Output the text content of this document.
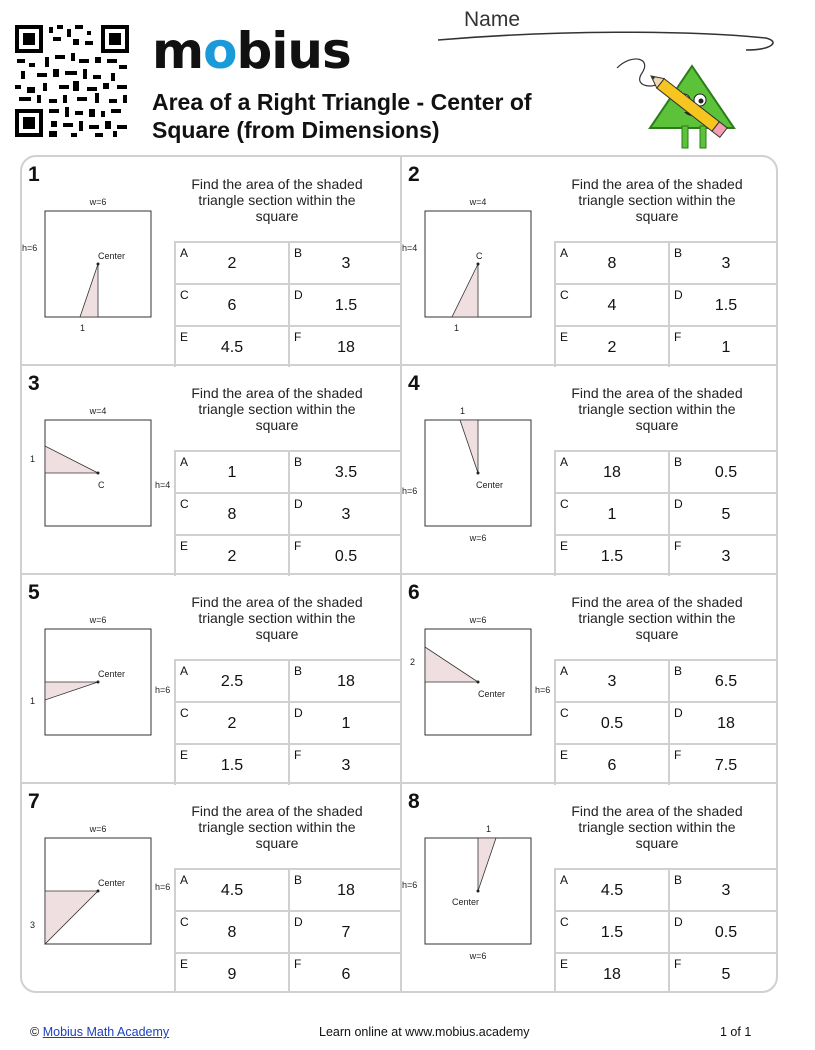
mobius
Area of a Right Triangle - Center of Square (from Dimensions)
Name
1	Find the area of the shaded triangle section within the square
w=6
h=6
Center
1
A
2
B
3
C
6
D
1.5
E
4.5
F
18
2	Find the area of the shaded triangle section within the square
w=4
h=4
C
1
A
8
B
3
C
4
D
1.5
E
2
F
1
3	Find the area of the shaded triangle section within the square
w=4
h=4
C
1	A
1
B
3.5
C
8
D
3
E
2
F
0.5
4	Find the area of the shaded triangle section within the square
1
h=6
Center
w=6
A
18
B
0.5
C
1
D
5
E
1.5
F
3
5	Find the area of the shaded triangle section within the square
w=6
h=6
Center
1
A
2.5
B
18
C
2
D
1
E
1.5
F
3
6	Find the area of the shaded triangle section within the square
w=6
h=6
Center
2
A
3
B
6.5
C
0.5
D
18
E
6
F
7.5
7	Find the area of the shaded triangle section within the square
w=6
h=6
Center
3
A
4.5
B
18
C
8
D
7
E
9
F
6
8	Find the area of the shaded triangle section within the square
1
h=6
Center
w=6
A
4.5
B
3
C
1.5
D
0.5
E
18
F
5
© Mobius Math Academy	Learn online at www.mobius.academy	1 of 1
